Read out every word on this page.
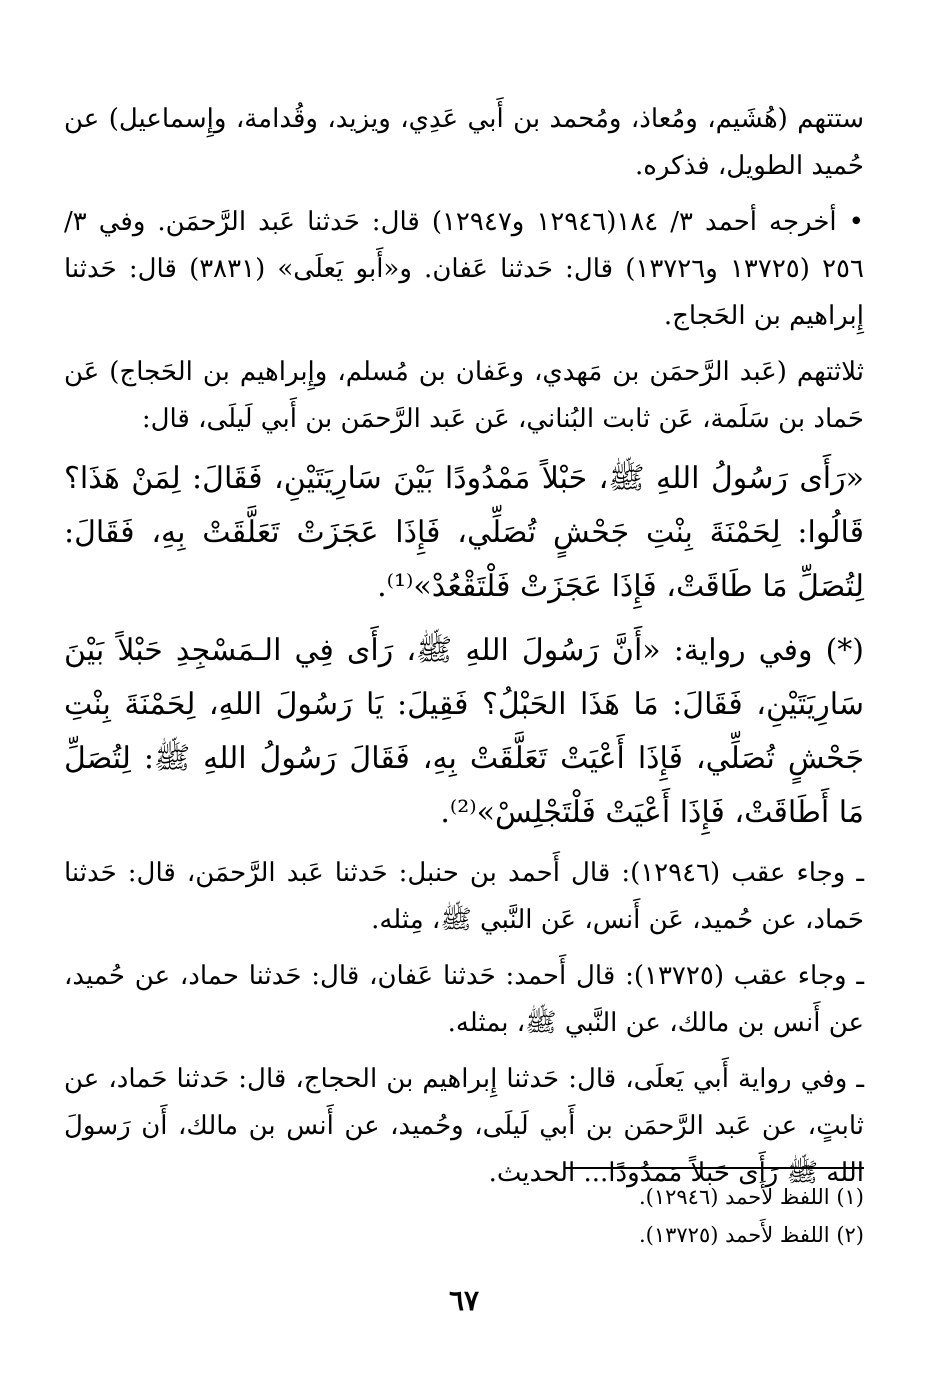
ستتهم (هُشَيم، ومُعاذ، ومُحمد بن أَبي عَدِي، ويزيد، وقُدامة، وإِسماعيل) عن حُميد الطويل، فذكره.

• أخرجه أحمد ٣/ ١٨٤(١٢٩٤٦ و١٢٩٤٧) قال: حَدثنا عَبد الرَّحمَن. وفي ٣/ ٢٥٦ (١٣٧٢٥ و١٣٧٢٦) قال: حَدثنا عَفان. و«أَبو يَعلَى» (٣٨٣١) قال: حَدثنا إِبراهيم بن الحَجاج.

ثلاثتهم (عَبد الرَّحمَن بن مَهدي، وعَفان بن مُسلم، وإِبراهيم بن الحَجاج) عَن حَماد بن سَلَمة، عَن ثابت البُناني، عَن عَبد الرَّحمَن بن أَبي لَيلَى، قال:

«رَأَى رَسُولُ اللهِ ﷺ، حَبْلاً مَمْدُودًا بَيْنَ سَارِيَتَيْنِ، فَقَالَ: لِمَنْ هَذَا؟ قَالُوا: لِحَمْنَةَ بِنْتِ جَحْشٍ تُصَلِّي، فَإِذَا عَجَزَتْ تَعَلَّقَتْ بِهِ، فَقَالَ: لِتُصَلِّ مَا طَاقَتْ، فَإِذَا عَجَزَتْ فَلْتَقْعُدْ»⁽¹⁾.

(*) وفي رواية: «أَنَّ رَسُولَ اللهِ ﷺ، رَأَى فِي الـمَسْجِدِ حَبْلاً بَيْنَ سَارِيَتَيْنِ، فَقَالَ: مَا هَذَا الحَبْلُ؟ فَقِيلَ: يَا رَسُولَ اللهِ، لِحَمْنَةَ بِنْتِ جَحْشٍ تُصَلِّي، فَإِذَا أَعْيَتْ تَعَلَّقَتْ بِهِ، فَقَالَ رَسُولُ اللهِ ﷺ: لِتُصَلِّ مَا أَطَاقَتْ، فَإِذَا أَعْيَتْ فَلْتَجْلِسْ»⁽²⁾.

ـ وجاء عقب (١٢٩٤٦): قال أَحمد بن حنبل: حَدثنا عَبد الرَّحمَن، قال: حَدثنا حَماد، عن حُميد، عَن أَنس، عَن النَّبي ﷺ، مِثله.

ـ وجاء عقب (١٣٧٢٥): قال أَحمد: حَدثنا عَفان، قال: حَدثنا حماد، عن حُميد، عن أَنس بن مالك، عن النَّبي ﷺ، بمثله.

ـ وفي رواية أَبي يَعلَى، قال: حَدثنا إِبراهيم بن الحجاج، قال: حَدثنا حَماد، عن ثابتٍ، عن عَبد الرَّحمَن بن أَبي لَيلَى، وحُميد، عن أَنس بن مالك، أَن رَسولَ الله ﷺ رَأَى حَبلاً مَمدُودًا... الحديث.

(١) اللفظ لأَحمد (١٢٩٤٦).

(٢) اللفظ لأَحمد (١٣٧٢٥).

٦٧
